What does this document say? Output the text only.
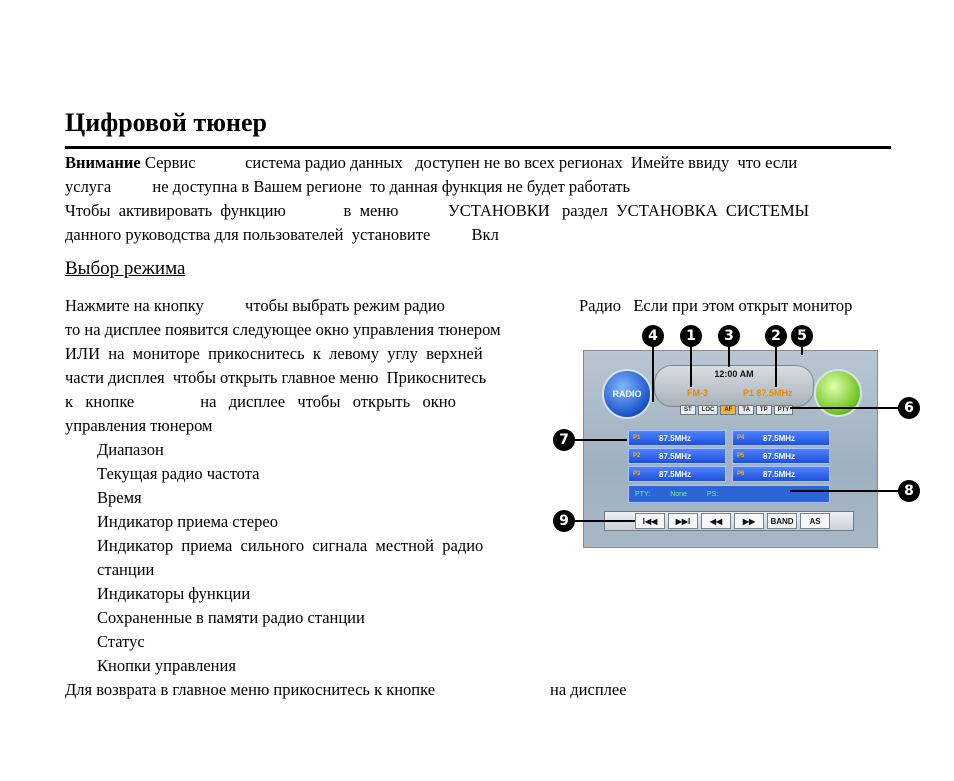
Цифровой тюнер
Внимание Сервис            система радио данных   доступен не во всех регионах  Имейте ввиду  что если
услуга          не доступна в Вашем регионе  то данная функция не будет работать
Чтобы  активировать  функцию              в  меню            УСТАНОВКИ   раздел  УСТАНОВКА  СИСТЕМЫ
данного руководства для пользователей  установите          Вкл
Выбор режима
Нажмите на кнопку          чтобы выбрать режим радио	Радио   Если при этом открыт монитор
то на дисплее появится следующее окно управления тюнером
ИЛИ  на  мониторе  прикоснитесь  к  левому  углу  верхней
части дисплея  чтобы открыть главное меню  Прикоснитесь
к   кнопке                на   дисплее   чтобы   открыть   окно
управления тюнером
Диапазон
Текущая радио частота
Время
Индикатор приема стерео
Индикатор  приема  сильного  сигнала  местной  радио
станции
Индикаторы функции
Сохраненные в памяти радио станции
Статус
Кнопки управления
Для возврата в главное меню прикоснитесь к кнопке	на дисплее
RADIO
12:00 AM
FM-3	P1 87.5MHz
ST	LOC	AF	TA	TP	PTY
P1	87.5MHz	P4	87.5MHz
P2	87.5MHz	P5	87.5MHz
P3	87.5MHz	P6	87.5MHz
PTY:	None	PS:
I◀◀	▶▶I	◀◀	▶▶	BAND	AS
4	1	3	2	5
6
7
8
9
